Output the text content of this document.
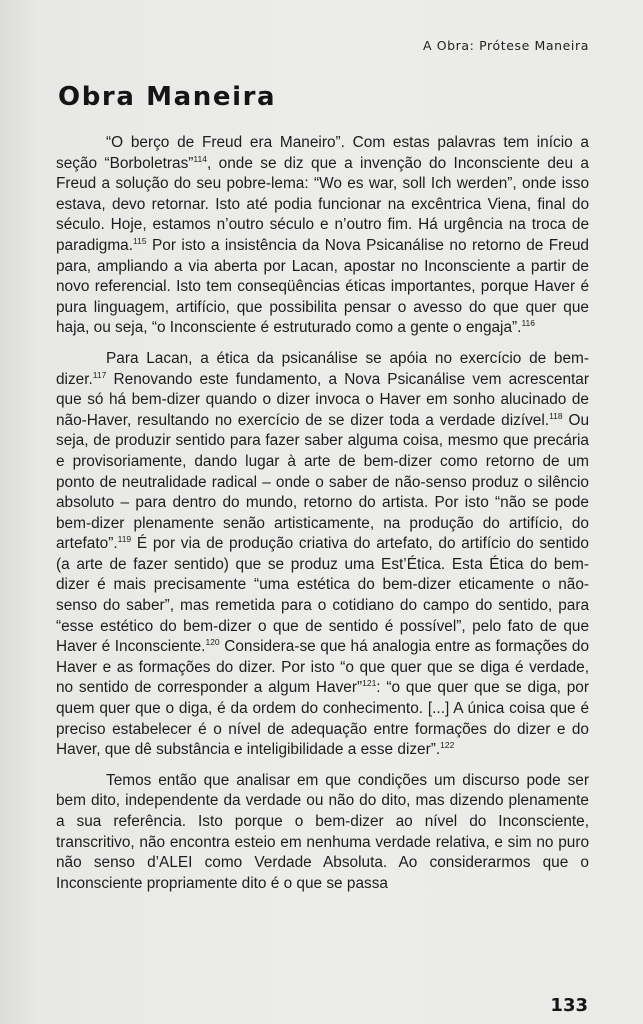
A Obra: Prótese Maneira
Obra Maneira

“O berço de Freud era Maneiro”. Com estas palavras tem início a seção “Borboletras”$^{114}$, onde se diz que a invenção do Inconsciente deu a Freud a solução do seu pobre-lema: “Wo es war, soll Ich werden”, onde isso estava, devo retornar. Isto até podia funcionar na excêntrica Viena, final do século. Hoje, estamos n’outro século e n’outro fim. Há urgência na troca de paradigma.$^{115}$ Por isto a insistência da Nova Psicanálise no retorno de Freud para, ampliando a via aberta por Lacan, apostar no Inconsciente a partir de novo referencial. Isto tem conseqüências éticas importantes, porque Haver é pura linguagem, artifício, que possibilita pensar o avesso do que quer que haja, ou seja, “o Inconsciente é estruturado como a gente o engaja”.$^{116}$

Para Lacan, a ética da psicanálise se apóia no exercício de bem-dizer.$^{117}$ Renovando este fundamento, a Nova Psicanálise vem acrescentar que só há bem-dizer quando o dizer invoca o Haver em sonho alucinado de não-Haver, resultando no exercício de se dizer toda a verdade dizível.$^{118}$ Ou seja, de produzir sentido para fazer saber alguma coisa, mesmo que precária e provisoriamente, dando lugar à arte de bem-dizer como retorno de um ponto de neutralidade radical – onde o saber de não-senso produz o silêncio absoluto – para dentro do mundo, retorno do artista. Por isto “não se pode bem-dizer plenamente senão artisticamente, na produção do artifício, do artefato”.$^{119}$ É por via de produção criativa do artefato, do artifício do sentido (a arte de fazer sentido) que se produz uma Est’Ética. Esta Ética do bem-dizer é mais precisamente “uma estética do bem-dizer eticamente o não-senso do saber”, mas remetida para o cotidiano do campo do sentido, para “esse estético do bem-dizer o que de sentido é possível”, pelo fato de que Haver é Inconsciente.$^{120}$ Considera-se que há analogia entre as formações do Haver e as formações do dizer. Por isto “o que quer que se diga é verdade, no sentido de corresponder a algum Haver”$^{121}$: “o que quer que se diga, por quem quer que o diga, é da ordem do conhecimento. [...] A única coisa que é preciso estabelecer é o nível de adequação entre formações do dizer e do Haver, que dê substância e inteligibilidade a esse dizer”.$^{122}$

Temos então que analisar em que condições um discurso pode ser bem dito, independente da verdade ou não do dito, mas dizendo plenamente a sua referência. Isto porque o bem-dizer ao nível do Inconsciente, transcritivo, não encontra esteio em nenhuma verdade relativa, e sim no puro não senso d’ALEI como Verdade Absoluta. Ao considerarmos que o Inconsciente propriamente dito é o que se passa

133
